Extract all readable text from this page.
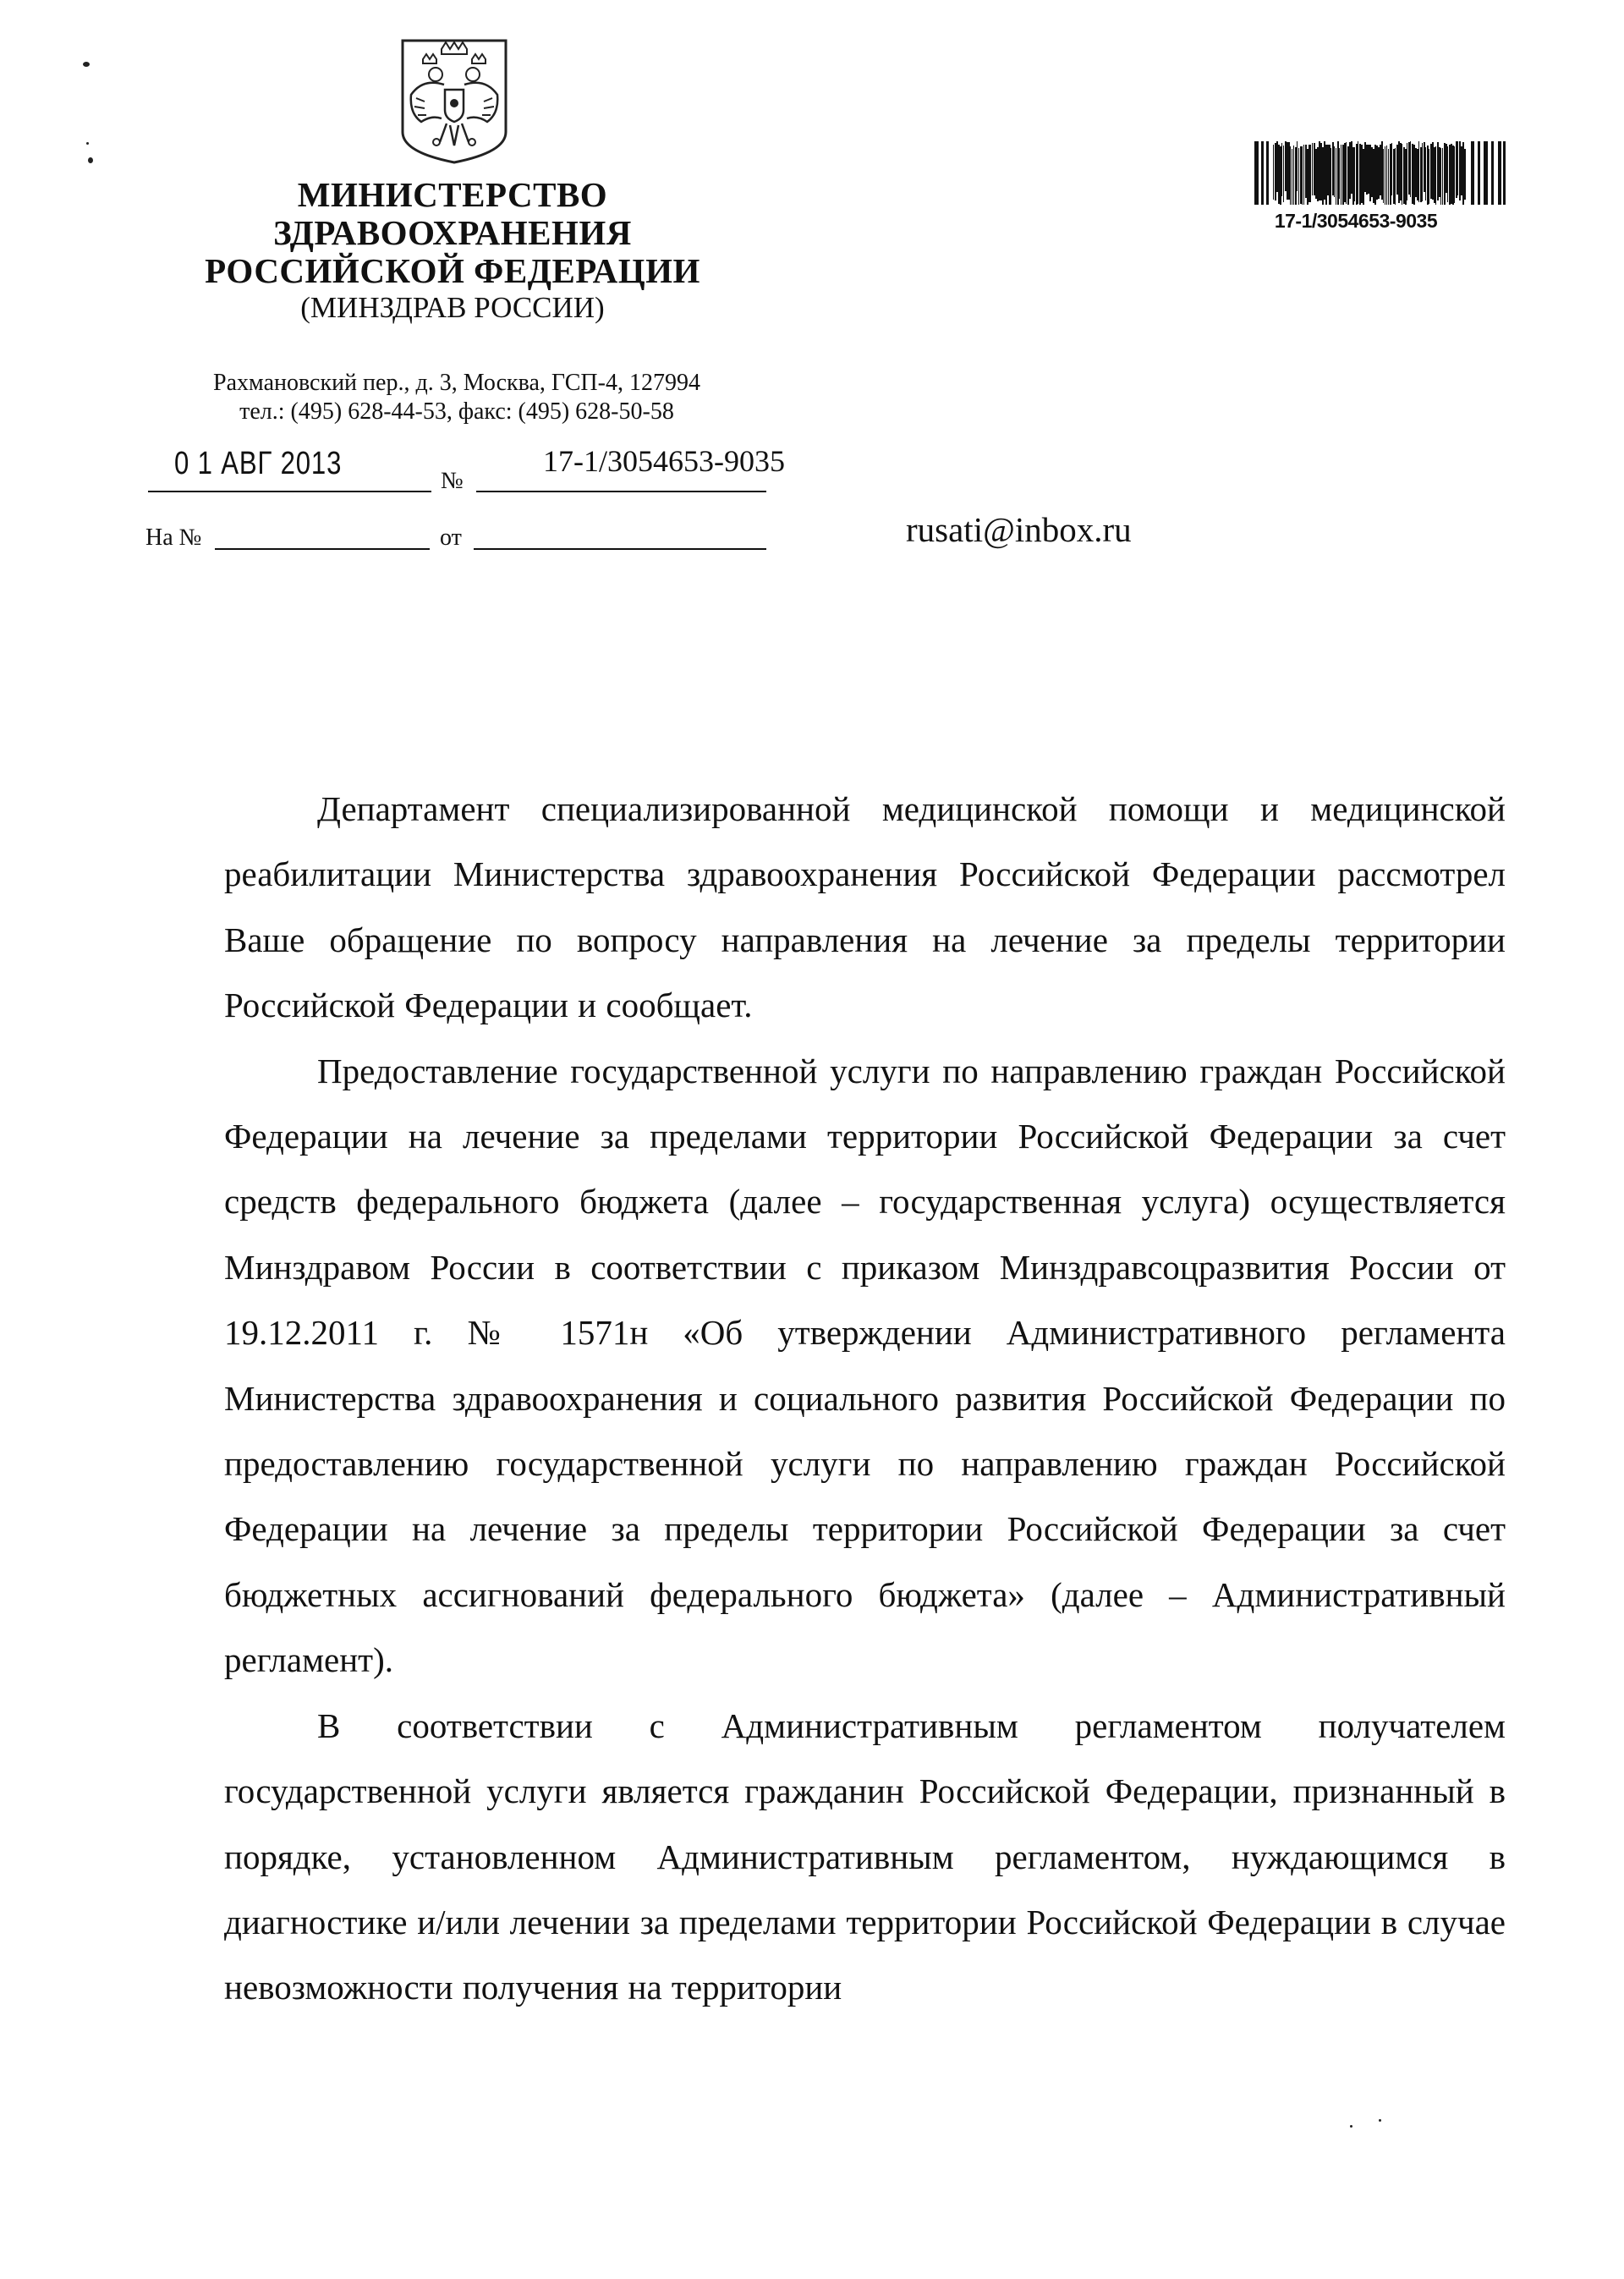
МИНИСТЕРСТВО
ЗДРАВООХРАНЕНИЯ
РОССИЙСКОЙ ФЕДЕРАЦИИ
(МИНЗДРАВ РОССИИ)
Рахмановский пер., д. 3, Москва, ГСП-4, 127994
тел.: (495) 628-44-53, факс: (495) 628-50-58
0 1 АВГ 2013	№
17-1/3054653-9035
На №	от	rusati@inbox.ru
17-1/3054653-9035

Департамент специализированной медицинской помощи и медицинской реабилитации Министерства здравоохранения Российской Федерации рассмотрел Ваше обращение по вопросу направления на лечение за пределы территории Российской Федерации и сообщает.

Предоставление государственной услуги по направлению граждан Российской Федерации на лечение за пределами территории Российской Федерации за счет средств федерального бюджета (далее – государственная услуга) осуществляется Минздравом России в соответствии с приказом Минздравсоцразвития России от 19.12.2011 г. № 1571н «Об утверждении Административного регламента Министерства здравоохранения и социального развития Российской Федерации по предоставлению государственной услуги по направлению граждан Российской Федерации на лечение за пределы территории Российской Федерации за счет бюджетных ассигнований федерального бюджета» (далее – Административный регламент).

В соответствии с Административным регламентом получателем государственной услуги является гражданин Российской Федерации, признанный в порядке, установленном Административным регламентом, нуждающимся в диагностике и/или лечении за пределами территории Российской Федерации в случае невозможности получения на территории
